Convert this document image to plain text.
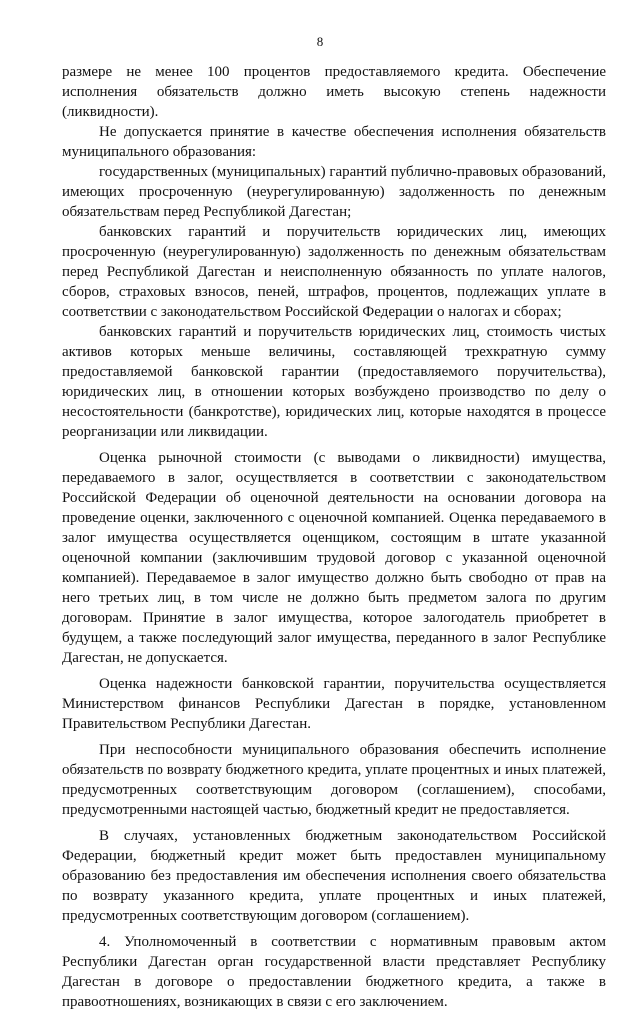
8

размере не менее 100 процентов предоставляемого кредита. Обеспечение исполнения обязательств должно иметь высокую степень надежности (ликвидности).

Не допускается принятие в качестве обеспечения исполнения обязательств муниципального образования:

государственных (муниципальных) гарантий публично-правовых образований, имеющих просроченную (неурегулированную) задолженность по денежным обязательствам перед Республикой Дагестан;

банковских гарантий и поручительств юридических лиц, имеющих просроченную (неурегулированную) задолженность по денежным обязательствам перед Республикой Дагестан и неисполненную обязанность по уплате налогов, сборов, страховых взносов, пеней, штрафов, процентов, подлежащих уплате в соответствии с законодательством Российской Федерации о налогах и сборах;

банковских гарантий и поручительств юридических лиц, стоимость чистых активов которых меньше величины, составляющей трехкратную сумму предоставляемой банковской гарантии (предоставляемого поручительства), юридических лиц, в отношении которых возбуждено производство по делу о несостоятельности (банкротстве), юридических лиц, которые находятся в процессе реорганизации или ликвидации.

Оценка рыночной стоимости (с выводами о ликвидности) имущества, передаваемого в залог, осуществляется в соответствии с законодательством Российской Федерации об оценочной деятельности на основании договора на проведение оценки, заключенного с оценочной компанией. Оценка передаваемого в залог имущества осуществляется оценщиком, состоящим в штате указанной оценочной компании (заключившим трудовой договор с указанной оценочной компанией). Передаваемое в залог имущество должно быть свободно от прав на него третьих лиц, в том числе не должно быть предметом залога по другим договорам. Принятие в залог имущества, которое залогодатель приобретет в будущем, а также последующий залог имущества, переданного в залог Республике Дагестан, не допускается.

Оценка надежности банковской гарантии, поручительства осуществляется Министерством финансов Республики Дагестан в порядке, установленном Правительством Республики Дагестан.

При неспособности муниципального образования обеспечить исполнение обязательств по возврату бюджетного кредита, уплате процентных и иных платежей, предусмотренных соответствующим договором (соглашением), способами, предусмотренными настоящей частью, бюджетный кредит не предоставляется.

В случаях, установленных бюджетным законодательством Российской Федерации, бюджетный кредит может быть предоставлен муниципальному образованию без предоставления им обеспечения исполнения своего обязательства по возврату указанного кредита, уплате процентных и иных платежей, предусмотренных соответствующим договором (соглашением).

4. Уполномоченный в соответствии с нормативным правовым актом Республики Дагестан орган государственной власти представляет Республику Дагестан в договоре о предоставлении бюджетного кредита, а также в правоотношениях, возникающих в связи с его заключением.
